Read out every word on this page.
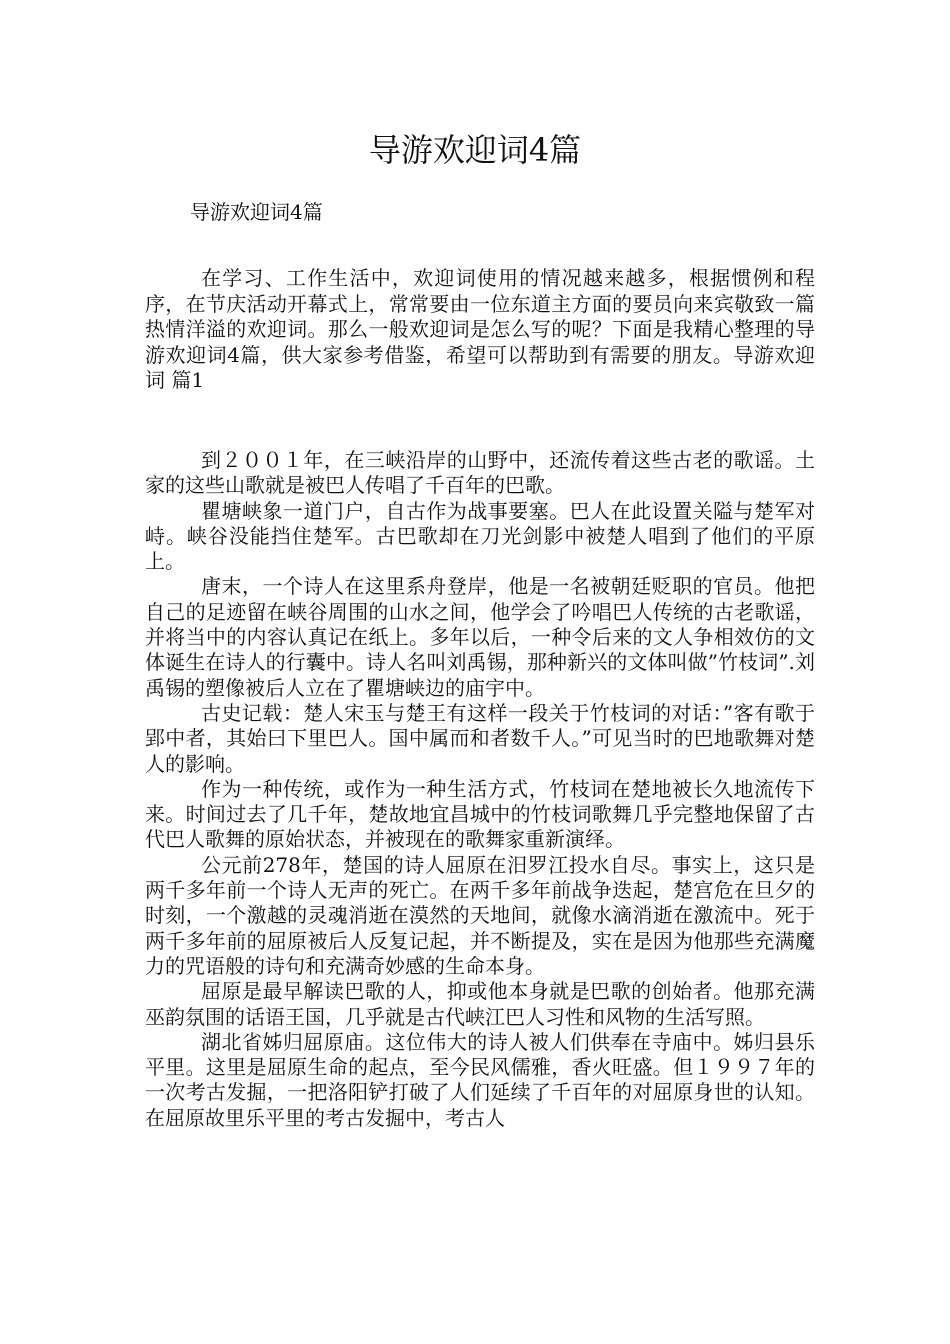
导游欢迎词4篇
导游欢迎词4篇

在学习、工作生活中，欢迎词使用的情况越来越多，根据惯例和程序，在节庆活动开幕式上，常常要由一位东道主方面的要员向来宾敬致一篇热情洋溢的欢迎词。那么一般欢迎词是怎么写的呢？下面是我精心整理的导游欢迎词4篇，供大家参考借鉴，希望可以帮助到有需要的朋友。导游欢迎词 篇1

到２００１年，在三峡沿岸的山野中，还流传着这些古老的歌谣。土家的这些山歌就是被巴人传唱了千百年的巴歌。

瞿塘峡象一道门户，自古作为战事要塞。巴人在此设置关隘与楚军对峙。峡谷没能挡住楚军。古巴歌却在刀光剑影中被楚人唱到了他们的平原上。

唐末，一个诗人在这里系舟登岸，他是一名被朝廷贬职的官员。他把自己的足迹留在峡谷周围的山水之间，他学会了吟唱巴人传统的古老歌谣，并将当中的内容认真记在纸上。多年以后，一种令后来的文人争相效仿的文体诞生在诗人的行囊中。诗人名叫刘禹锡，那种新兴的文体叫做”竹枝词”.刘禹锡的塑像被后人立在了瞿塘峡边的庙宇中。

古史记载：楚人宋玉与楚王有这样一段关于竹枝词的对话：”客有歌于郢中者，其始曰下里巴人。国中属而和者数千人。”可见当时的巴地歌舞对楚人的影响。

作为一种传统，或作为一种生活方式，竹枝词在楚地被长久地流传下来。时间过去了几千年，楚故地宜昌城中的竹枝词歌舞几乎完整地保留了古代巴人歌舞的原始状态，并被现在的歌舞家重新演绎。

公元前278年，楚国的诗人屈原在汨罗江投水自尽。事实上，这只是两千多年前一个诗人无声的死亡。在两千多年前战争迭起，楚宫危在旦夕的时刻，一个激越的灵魂消逝在漠然的天地间，就像水滴消逝在激流中。死于两千多年前的屈原被后人反复记起，并不断提及，实在是因为他那些充满魔力的咒语般的诗句和充满奇妙感的生命本身。

屈原是最早解读巴歌的人，抑或他本身就是巴歌的创始者。他那充满巫韵氛围的话语王国，几乎就是古代峡江巴人习性和风物的生活写照。

湖北省姊归屈原庙。这位伟大的诗人被人们供奉在寺庙中。姊归县乐平里。这里是屈原生命的起点，至今民风儒雅，香火旺盛。但１９９７年的一次考古发掘，一把洛阳铲打破了人们延续了千百年的对屈原身世的认知。在屈原故里乐平里的考古发掘中，考古人
